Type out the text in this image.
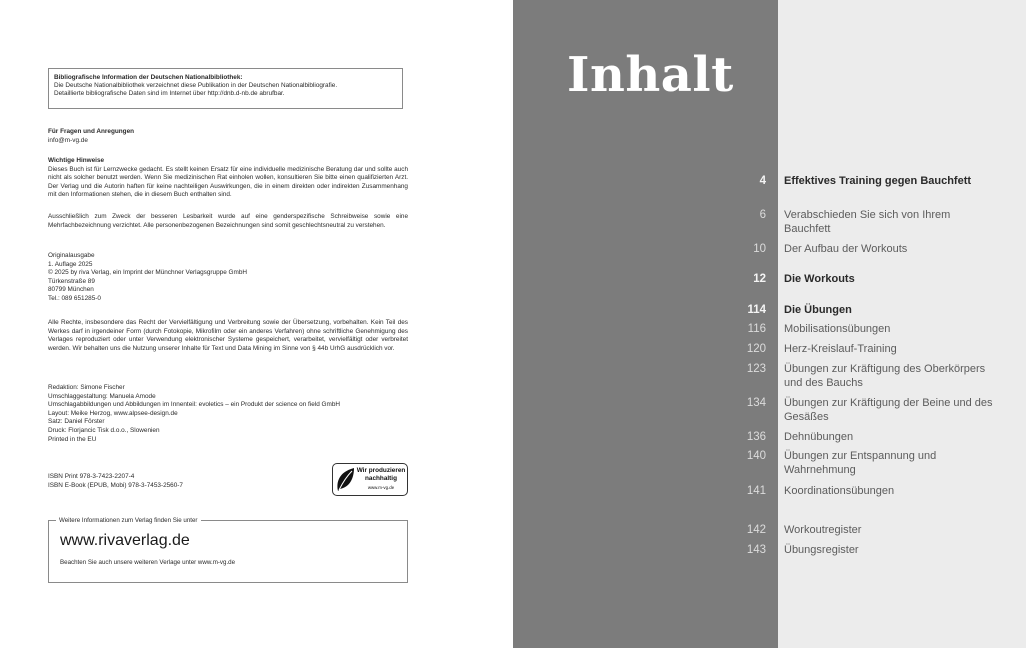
Bibliografische Information der Deutschen Nationalbibliothek:
Die Deutsche Nationalbibliothek verzeichnet diese Publikation in der Deutschen Nationalbibliografie.
Detaillierte bibliografische Daten sind im Internet über http://dnb.d-nb.de abrufbar.
Für Fragen und Anregungen
info@m-vg.de
Wichtige Hinweise
Dieses Buch ist für Lernzwecke gedacht. Es stellt keinen Ersatz für eine individuelle medizinische Beratung dar und sollte auch nicht als solcher benutzt werden. Wenn Sie medizinischen Rat einholen wollen, konsultieren Sie bitte einen qualifizierten Arzt. Der Verlag und die Autorin haften für keine nachteiligen Auswirkungen, die in einem direkten oder indirekten Zusammenhang mit den Informationen stehen, die in diesem Buch enthalten sind.
Ausschließlich zum Zweck der besseren Lesbarkeit wurde auf eine genderspezifische Schreibweise sowie eine Mehrfachbezeichnung verzichtet. Alle personenbezogenen Bezeichnungen sind somit geschlechtsneutral zu verstehen.
Originalausgabe
1. Auflage 2025
© 2025 by riva Verlag, ein Imprint der Münchner Verlagsgruppe GmbH
Türkenstraße 89
80799 München
Tel.: 089 651285-0
Alle Rechte, insbesondere das Recht der Vervielfältigung und Verbreitung sowie der Übersetzung, vorbehalten. Kein Teil des Werkes darf in irgendeiner Form (durch Fotokopie, Mikrofilm oder ein anderes Verfahren) ohne schriftliche Genehmigung des Verlages reproduziert oder unter Verwendung elektronischer Systeme gespeichert, verarbeitet, vervielfältigt oder verbreitet werden. Wir behalten uns die Nutzung unserer Inhalte für Text und Data Mining im Sinne von § 44b UrhG ausdrücklich vor.
Redaktion: Simone Fischer
Umschlaggestaltung: Manuela Amode
Umschlagabbildungen und Abbildungen im Innenteil: evoletics – ein Produkt der science on field GmbH
Layout: Meike Herzog, www.alpsee-design.de
Satz: Daniel Förster
Druck: Florjancic Tisk d.o.o., Slowenien
Printed in the EU
ISBN Print 978-3-7423-2207-4
ISBN E-Book (EPUB, Mobi) 978-3-7453-2560-7
Wir produzieren
nachhaltig
www.m-vg.de
Weitere Informationen zum Verlag finden Sie unter
www.rivaverlag.de
Beachten Sie auch unsere weiteren Verlage unter www.m-vg.de
Inhalt
4 Effektives Training gegen Bauchfett
6 Verabschieden Sie sich von Ihrem Bauchfett
10 Der Aufbau der Workouts
12 Die Workouts
114 Die Übungen
116 Mobilisationsübungen
120 Herz-Kreislauf-Training
123 Übungen zur Kräftigung des Oberkörpers und des Bauchs
134 Übungen zur Kräftigung der Beine und des Gesäßes
136 Dehnübungen
140 Übungen zur Entspannung und Wahrnehmung
141 Koordinationsübungen
142 Workoutregister
143 Übungsregister
